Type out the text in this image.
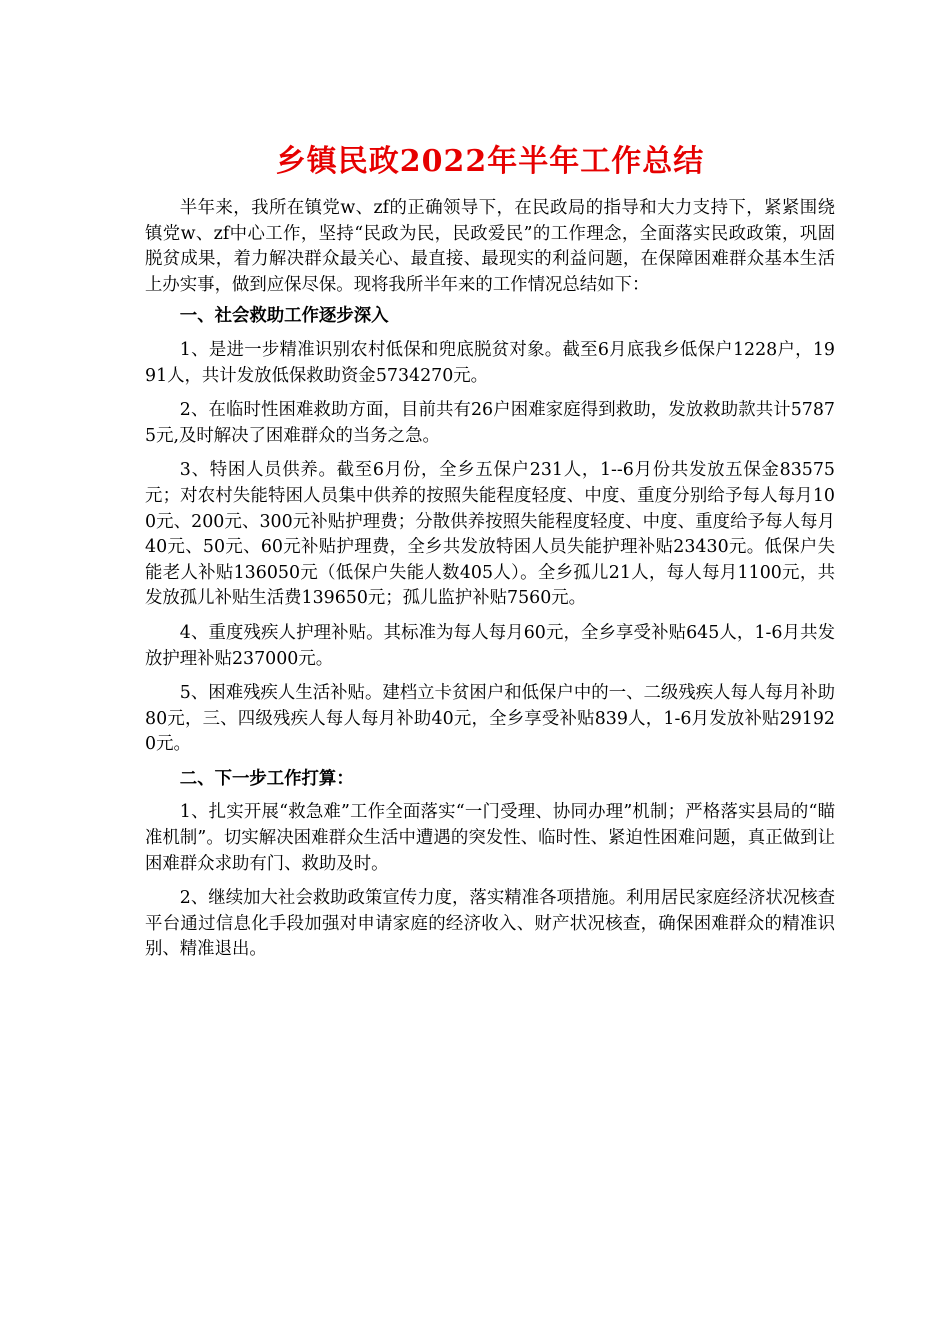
乡镇民政2022年半年工作总结

半年来，我所在镇党w、zf的正确领导下，在民政局的指导和大力支持下，紧紧围绕镇党w、zf中心工作，坚持“民政为民，民政爱民”的工作理念，全面落实民政政策，巩固脱贫成果，着力解决群众最关心、最直接、最现实的利益问题，在保障困难群众基本生活上办实事，做到应保尽保。现将我所半年来的工作情况总结如下：

一、社会救助工作逐步深入

1、是进一步精准识别农村低保和兜底脱贫对象。截至6月底我乡低保户1228户，1991人，共计发放低保救助资金5734270元。

2、在临时性困难救助方面，目前共有26户困难家庭得到救助，发放救助款共计57875元,及时解决了困难群众的当务之急。

3、特困人员供养。截至6月份，全乡五保户231人，1--6月份共发放五保金83575元；对农村失能特困人员集中供养的按照失能程度轻度、中度、重度分别给予每人每月100元、200元、300元补贴护理费；分散供养按照失能程度轻度、中度、重度给予每人每月40元、50元、60元补贴护理费，全乡共发放特困人员失能护理补贴23430元。低保户失能老人补贴136050元（低保户失能人数405人）。全乡孤儿21人，每人每月1100元，共发放孤儿补贴生活费139650元；孤儿监护补贴7560元。

4、重度残疾人护理补贴。其标准为每人每月60元，全乡享受补贴645人，1-6月共发放护理补贴237000元。

5、困难残疾人生活补贴。建档立卡贫困户和低保户中的一、二级残疾人每人每月补助80元，三、四级残疾人每人每月补助40元，全乡享受补贴839人，1-6月发放补贴291920元。

二、下一步工作打算：

1、扎实开展“救急难”工作全面落实“一门受理、协同办理”机制；严格落实县局的“瞄准机制”。切实解决困难群众生活中遭遇的突发性、临时性、紧迫性困难问题，真正做到让困难群众求助有门、救助及时。

2、继续加大社会救助政策宣传力度，落实精准各项措施。利用居民家庭经济状况核查平台通过信息化手段加强对申请家庭的经济收入、财产状况核查，确保困难群众的精准识别、精准退出。
